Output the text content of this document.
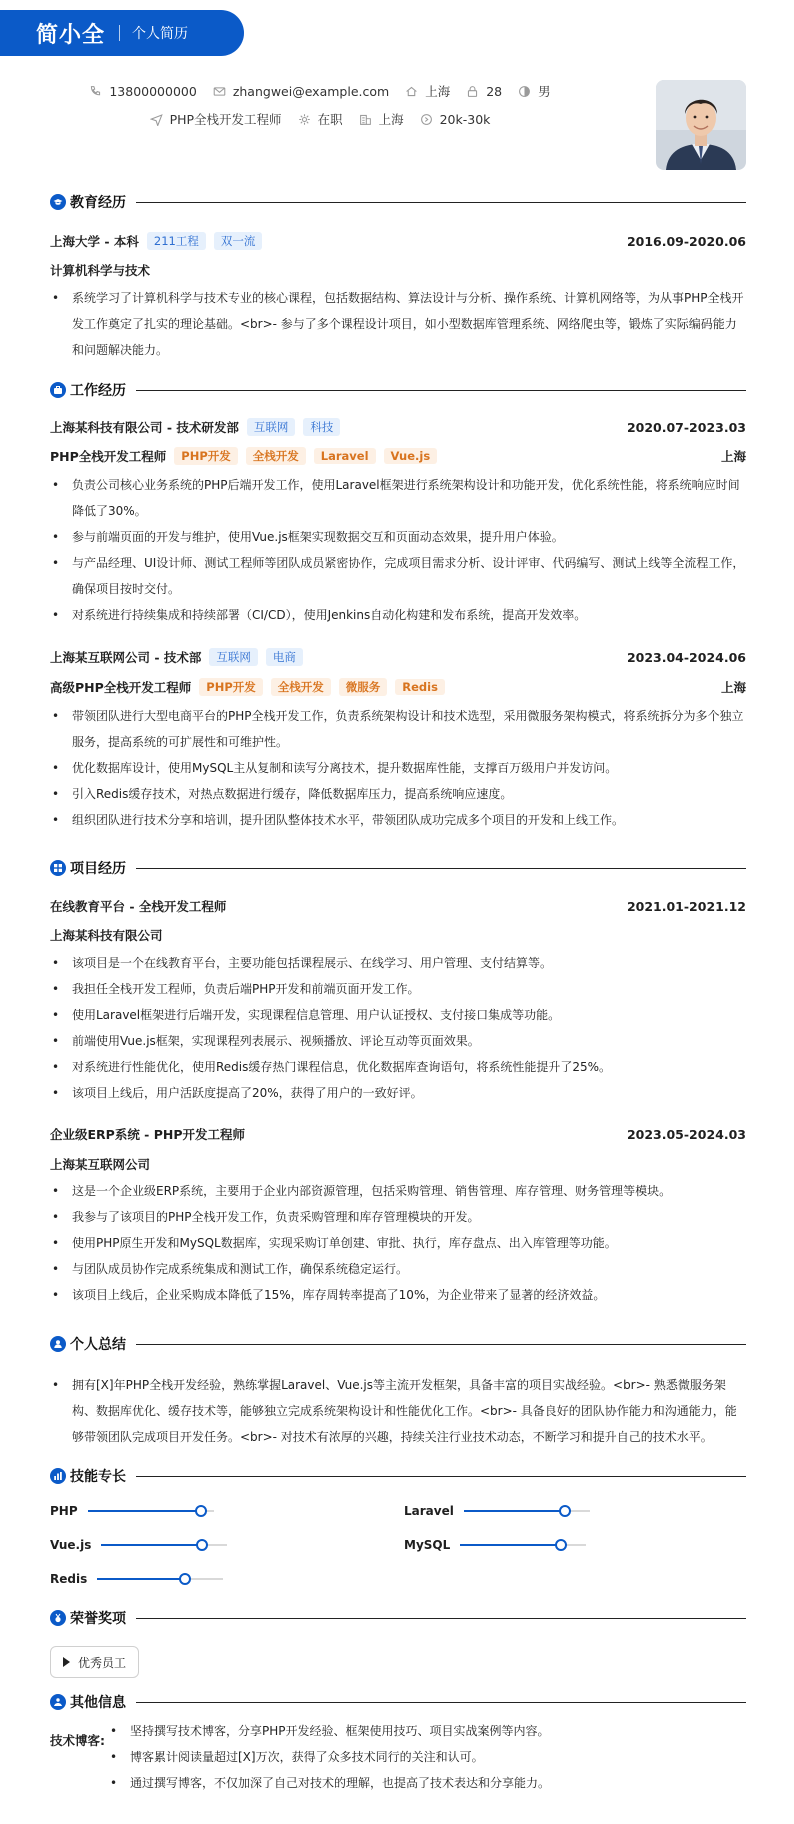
简小全 个人简历
13800000000	zhangwei@example.com	上海	28	男
PHP全栈开发工程师	在职	上海	20k-30k
教育经历
上海大学 - 本科	211工程	双一流	2016.09-2020.06
计算机科学与技术
•	系统学习了计算机科学与技术专业的核心课程，包括数据结构、算法设计与分析、操作系统、计算机网络等，为从事PHP全栈开发工作奠定了扎实的理论基础。<br>- 参与了多个课程设计项目，如小型数据库管理系统、网络爬虫等，锻炼了实际编码能力和问题解决能力。
工作经历
上海某科技有限公司 - 技术研发部	互联网	科技	2020.07-2023.03
PHP全栈开发工程师	PHP开发	全栈开发	Laravel	Vue.js	上海
•	负责公司核心业务系统的PHP后端开发工作，使用Laravel框架进行系统架构设计和功能开发，优化系统性能，将系统响应时间降低了30%。
•	参与前端页面的开发与维护，使用Vue.js框架实现数据交互和页面动态效果，提升用户体验。
•	与产品经理、UI设计师、测试工程师等团队成员紧密协作，完成项目需求分析、设计评审、代码编写、测试上线等全流程工作，确保项目按时交付。
•	对系统进行持续集成和持续部署（CI/CD），使用Jenkins自动化构建和发布系统，提高开发效率。
上海某互联网公司 - 技术部	互联网	电商	2023.04-2024.06
高级PHP全栈开发工程师	PHP开发	全栈开发	微服务	Redis	上海
•	带领团队进行大型电商平台的PHP全栈开发工作，负责系统架构设计和技术选型，采用微服务架构模式，将系统拆分为多个独立服务，提高系统的可扩展性和可维护性。
•	优化数据库设计，使用MySQL主从复制和读写分离技术，提升数据库性能，支撑百万级用户并发访问。
•	引入Redis缓存技术，对热点数据进行缓存，降低数据库压力，提高系统响应速度。
•	组织团队进行技术分享和培训，提升团队整体技术水平，带领团队成功完成多个项目的开发和上线工作。
项目经历
在线教育平台 - 全栈开发工程师	2021.01-2021.12
上海某科技有限公司
•	该项目是一个在线教育平台，主要功能包括课程展示、在线学习、用户管理、支付结算等。
•	我担任全栈开发工程师，负责后端PHP开发和前端页面开发工作。
•	使用Laravel框架进行后端开发，实现课程信息管理、用户认证授权、支付接口集成等功能。
•	前端使用Vue.js框架，实现课程列表展示、视频播放、评论互动等页面效果。
•	对系统进行性能优化，使用Redis缓存热门课程信息，优化数据库查询语句，将系统性能提升了25%。
•	该项目上线后，用户活跃度提高了20%，获得了用户的一致好评。
企业级ERP系统 - PHP开发工程师	2023.05-2024.03
上海某互联网公司
•	这是一个企业级ERP系统，主要用于企业内部资源管理，包括采购管理、销售管理、库存管理、财务管理等模块。
•	我参与了该项目的PHP全栈开发工作，负责采购管理和库存管理模块的开发。
•	使用PHP原生开发和MySQL数据库，实现采购订单创建、审批、执行，库存盘点、出入库管理等功能。
•	与团队成员协作完成系统集成和测试工作，确保系统稳定运行。
•	该项目上线后，企业采购成本降低了15%，库存周转率提高了10%，为企业带来了显著的经济效益。
个人总结
•	拥有[X]年PHP全栈开发经验，熟练掌握Laravel、Vue.js等主流开发框架，具备丰富的项目实战经验。<br>- 熟悉微服务架构、数据库优化、缓存技术等，能够独立完成系统架构设计和性能优化工作。<br>- 具备良好的团队协作能力和沟通能力，能够带领团队完成项目开发任务。<br>- 对技术有浓厚的兴趣，持续关注行业技术动态，不断学习和提升自己的技术水平。
技能专长
PHP	Laravel
Vue.js	MySQL
Redis
荣誉奖项
优秀员工
其他信息
技术博客:
•	坚持撰写技术博客，分享PHP开发经验、框架使用技巧、项目实战案例等内容。
•	博客累计阅读量超过[X]万次，获得了众多技术同行的关注和认可。
•	通过撰写博客，不仅加深了自己对技术的理解，也提高了技术表达和分享能力。
